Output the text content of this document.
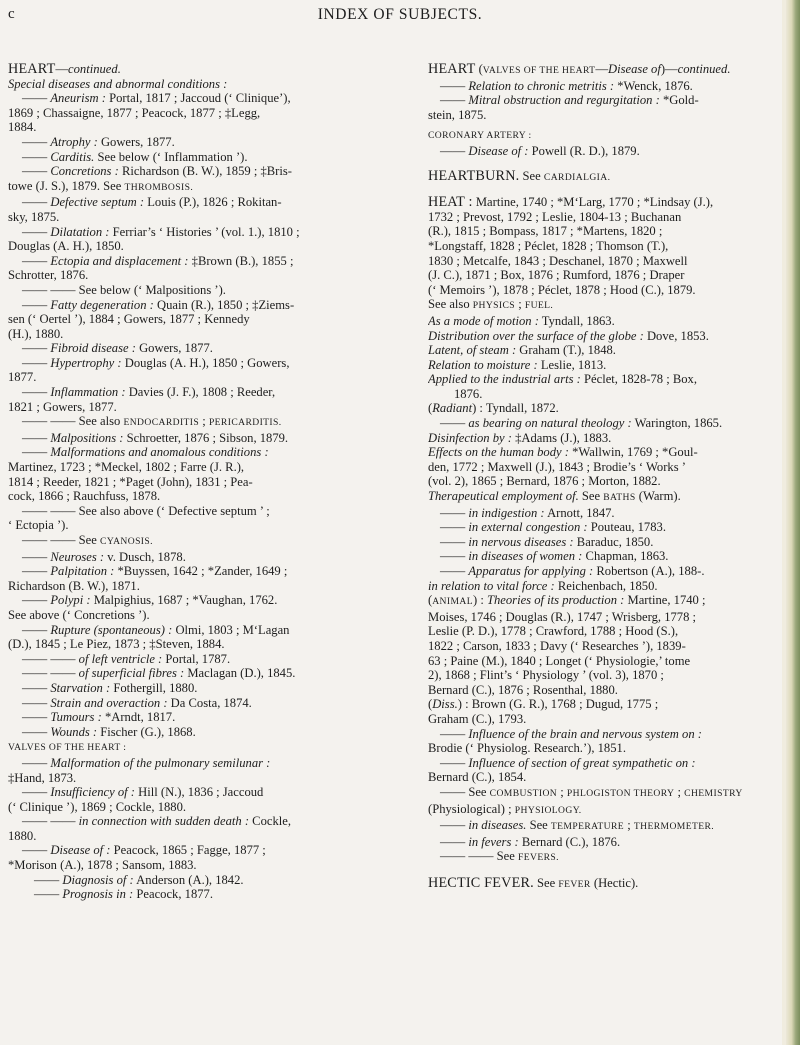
c	INDEX OF SUBJECTS.
HEART—continued.
Special diseases and abnormal conditions :
—— Aneurism : Portal, 1817 ; Jaccoud (‘ Clinique’),
1869 ; Chassaigne, 1877 ; Peacock, 1877 ; ‡Legg,
1884.
—— Atrophy : Gowers, 1877.
—— Carditis. See below (‘ Inflammation ’).
—— Concretions : Richardson (B. W.), 1859 ; ‡Bris-
towe (J. S.), 1879. See THROMBOSIS.
—— Defective septum : Louis (P.), 1826 ; Rokitan-
sky, 1875.
—— Dilatation : Ferriar’s ‘ Histories ’ (vol. 1.), 1810 ;
Douglas (A. H.), 1850.
—— Ectopia and displacement : ‡Brown (B.), 1855 ;
Schrotter, 1876.
—— —— See below (‘ Malpositions ’).
—— Fatty degeneration : Quain (R.), 1850 ; ‡Ziems-
sen (‘ Oertel ’), 1884 ; Gowers, 1877 ; Kennedy
(H.), 1880.
—— Fibroid disease : Gowers, 1877.
—— Hypertrophy : Douglas (A. H.), 1850 ; Gowers,
1877.
—— Inflammation : Davies (J. F.), 1808 ; Reeder,
1821 ; Gowers, 1877.
—— —— See also ENDOCARDITIS ; PERICARDITIS.
—— Malpositions : Schroetter, 1876 ; Sibson, 1879.
—— Malformations and anomalous conditions :
Martinez, 1723 ; *Meckel, 1802 ; Farre (J. R.),
1814 ; Reeder, 1821 ; *Paget (John), 1831 ; Pea-
cock, 1866 ; Rauchfuss, 1878.
—— —— See also above (‘ Defective septum ’ ;
‘ Ectopia ’).
—— —— See CYANOSIS.
—— Neuroses : v. Dusch, 1878.
—— Palpitation : *Buyssen, 1642 ; *Zander, 1649 ;
Richardson (B. W.), 1871.
—— Polypi : Malpighius, 1687 ; *Vaughan, 1762.
See above (‘ Concretions ’).
—— Rupture (spontaneous) : Olmi, 1803 ; M‘Lagan
(D.), 1845 ; Le Piez, 1873 ; ‡Steven, 1884.
—— —— of left ventricle : Portal, 1787.
—— —— of superficial fibres : Maclagan (D.), 1845.
—— Starvation : Fothergill, 1880.
—— Strain and overaction : Da Costa, 1874.
—— Tumours : *Arndt, 1817.
—— Wounds : Fischer (G.), 1868.
VALVES OF THE HEART :
—— Malformation of the pulmonary semilunar :
‡Hand, 1873.
—— Insufficiency of : Hill (N.), 1836 ; Jaccoud
(‘ Clinique ’), 1869 ; Cockle, 1880.
—— —— in connection with sudden death : Cockle,
1880.
—— Disease of : Peacock, 1865 ; Fagge, 1877 ;
*Morison (A.), 1878 ; Sansom, 1883.
—— Diagnosis of : Anderson (A.), 1842.
—— Prognosis in : Peacock, 1877.
HEART (VALVES OF THE HEART—Disease of)—continued.
—— Relation to chronic metritis : *Wenck, 1876.
—— Mitral obstruction and regurgitation : *Gold-
stein, 1875.
CORONARY ARTERY :
—— Disease of : Powell (R. D.), 1879.
HEARTBURN. See CARDIALGIA.
HEAT : Martine, 1740 ; *M‘Larg, 1770 ; *Lindsay (J.),
1732 ; Prevost, 1792 ; Leslie, 1804-13 ; Buchanan
(R.), 1815 ; Bompass, 1817 ; *Martens, 1820 ;
*Longstaff, 1828 ; Péclet, 1828 ; Thomson (T.),
1830 ; Metcalfe, 1843 ; Deschanel, 1870 ; Maxwell
(J. C.), 1871 ; Box, 1876 ; Rumford, 1876 ; Draper
(‘ Memoirs ’), 1878 ; Péclet, 1878 ; Hood (C.), 1879.
See also PHYSICS ; FUEL.
As a mode of motion : Tyndall, 1863.
Distribution over the surface of the globe : Dove, 1853.
Latent, of steam : Graham (T.), 1848.
Relation to moisture : Leslie, 1813.
Applied to the industrial arts : Péclet, 1828-78 ; Box,
1876.
(Radiant) : Tyndall, 1872.
—— as bearing on natural theology : Warington, 1865.
Disinfection by : ‡Adams (J.), 1883.
Effects on the human body : *Wallwin, 1769 ; *Goul-
den, 1772 ; Maxwell (J.), 1843 ; Brodie’s ‘ Works ’
(vol. 2), 1865 ; Bernard, 1876 ; Morton, 1882.
Therapeutical employment of. See BATHS (Warm).
—— in indigestion : Arnott, 1847.
—— in external congestion : Pouteau, 1783.
—— in nervous diseases : Baraduc, 1850.
—— in diseases of women : Chapman, 1863.
—— Apparatus for applying : Robertson (A.), 188-.
in relation to vital force : Reichenbach, 1850.
(ANIMAL) : Theories of its production : Martine, 1740 ;
Moises, 1746 ; Douglas (R.), 1747 ; Wrisberg, 1778 ;
Leslie (P. D.), 1778 ; Crawford, 1788 ; Hood (S.),
1822 ; Carson, 1833 ; Davy (‘ Researches ’), 1839-
63 ; Paine (M.), 1840 ; Longet (‘ Physiologie,’ tome
2), 1868 ; Flint’s ‘ Physiology ’ (vol. 3), 1870 ;
Bernard (C.), 1876 ; Rosenthal, 1880.
(Diss.) : Brown (G. R.), 1768 ; Dugud, 1775 ;
Graham (C.), 1793.
—— Influence of the brain and nervous system on :
Brodie (‘ Physiolog. Research.’), 1851.
—— Influence of section of great sympathetic on :
Bernard (C.), 1854.
—— See COMBUSTION ; PHLOGISTON THEORY ; CHEMISTRY
(Physiological) ; PHYSIOLOGY.
—— in diseases. See TEMPERATURE ; THERMOMETER.
—— in fevers : Bernard (C.), 1876.
—— —— See FEVERS.
HECTIC FEVER. See FEVER (Hectic).
